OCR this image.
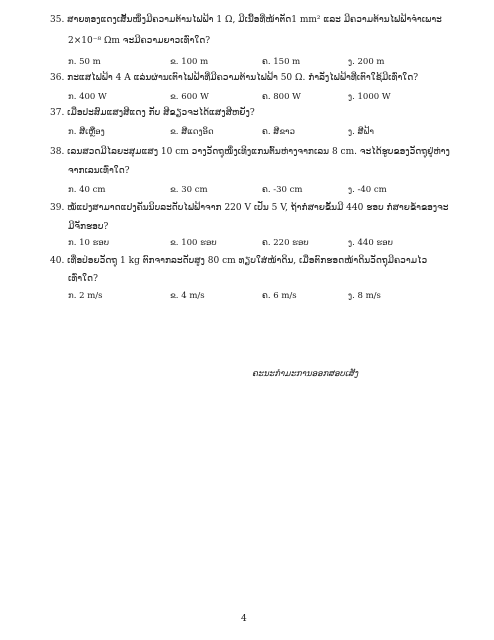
35. ສາຍທອງແດງເສັ້ນໜຶ່ງມີຄວາມຕ້ານໄຟຟ້າ 1 Ω, ມີເນື້ອທີ່ໜ້າຕັດ1 mm² ແລະ ມີຄວາມຕ້ານໄຟຟ້າຈຳເພາະ
2×10⁻⁸ Ωm ຈະມີຄວາມຍາວເທົ່າໃດ?
ກ. 50 m	ຂ. 100 m	ຄ. 150 m	ງ. 200 m
36. ກະແສໄຟຟ້າ 4 A ແລ່ນຜ່ານເຕົາໄຟຟ້າທີ່ມີຄວາມຕ້ານໄຟຟ້າ 50 Ω. ກຳລັງໄຟຟ້າທີ່ເຕົາໃຊ້ມີເທົ່າໃດ?
ກ. 400 W	ຂ. 600 W	ຄ. 800 W	ງ. 1000 W
37. ເມື່ອປະສົມແສງສີແດງ ກັບ ສີຂຽວຈະໄດ້ແສງສີຫຍັງ?
ກ. ສີເຫຼືອງ	ຂ. ສີແດງອິດ	ຄ. ສີຂາວ	ງ. ສີຟ້າ
38. ເລນສວດມີໄລຍະສຸມແສງ 10 cm ວາງວັດຖຸໜຶ່ງເທິງແກນຕົ້ນຫ່າງຈາກເລນ 8 cm. ຈະໄດ້ຮູບຂອງວັດຖຸຢູ່ຫ່າງ
ຈາກເລນເທົ່າໃດ?
ກ. 40 cm	ຂ. 30 cm	ຄ. -30 cm	ງ. -40 cm
39. ໝໍ້ແປງສາມາດແປງຄັນນິບລະດັບໄຟຟ້າຈາກ 220 V ເປັນ 5 V, ຖ້າກໍ່ສາຍຂັ້ນມີ 440 ຮອບ ກໍ່ສາຍຂໍ້າຂອງຈະ
ມີຈັກຮອບ?
ກ. 10 ຮອບ	ຂ. 100 ຮອບ	ຄ. 220 ຮອບ	ງ. 440 ຮອບ
40. ເທື່ອປ່ອຍວັດຖຸ 1 kg ຕົກຈາກລະດັບສູງ 80 cm ທຽບໃສ່ໜ້າດິນ, ເມື່ອຕົກຮອດໜ້າດິນວັດຖຸມີຄວາມໄວ
ເທົ່າໃດ?
ກ. 2 m/s	ຂ. 4 m/s	ຄ. 6 m/s	ງ. 8 m/s
ຄະນະກຳມະການອອກສອບເສັງ
4
